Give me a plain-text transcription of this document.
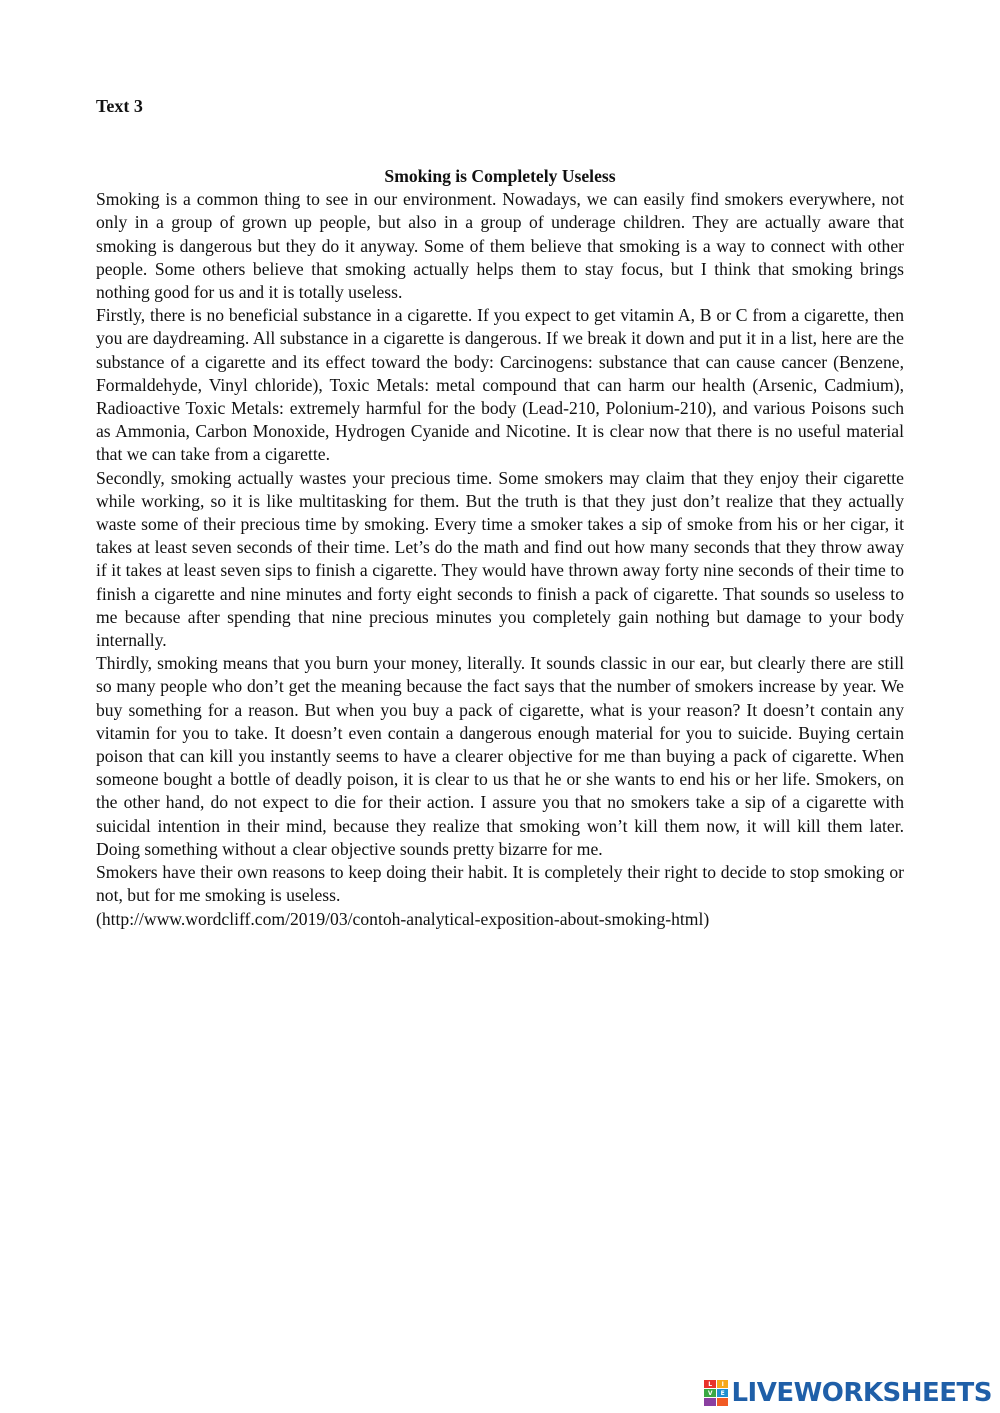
Text 3

Smoking is Completely Useless

Smoking is a common thing to see in our environment. Nowadays, we can easily find smokers everywhere, not only in a group of grown up people, but also in a group of underage children. They are actually aware that smoking is dangerous but they do it anyway. Some of them believe that smoking is a way to connect with other people. Some others believe that smoking actually helps them to stay focus, but I think that smoking brings nothing good for us and it is totally useless.

Firstly, there is no beneficial substance in a cigarette. If you expect to get vitamin A, B or C from a cigarette, then you are daydreaming. All substance in a cigarette is dangerous. If we break it down and put it in a list, here are the substance of a cigarette and its effect toward the body: Carcinogens: substance that can cause cancer (Benzene, Formaldehyde, Vinyl chloride), Toxic Metals: metal compound that can harm our health (Arsenic, Cadmium), Radioactive Toxic Metals: extremely harmful for the body (Lead-210, Polonium-210), and various Poisons such as Ammonia, Carbon Monoxide, Hydrogen Cyanide and Nicotine. It is clear now that there is no useful material that we can take from a cigarette.

Secondly, smoking actually wastes your precious time. Some smokers may claim that they enjoy their cigarette while working, so it is like multitasking for them. But the truth is that they just don’t realize that they actually waste some of their precious time by smoking. Every time a smoker takes a sip of smoke from his or her cigar, it takes at least seven seconds of their time. Let’s do the math and find out how many seconds that they throw away if it takes at least seven sips to finish a cigarette. They would have thrown away forty nine seconds of their time to finish a cigarette and nine minutes and forty eight seconds to finish a pack of cigarette. That sounds so useless to me because after spending that nine precious minutes you completely gain nothing but damage to your body internally.

Thirdly, smoking means that you burn your money, literally. It sounds classic in our ear, but clearly there are still so many people who don’t get the meaning because the fact says that the number of smokers increase by year. We buy something for a reason. But when you buy a pack of cigarette, what is your reason? It doesn’t contain any vitamin for you to take. It doesn’t even contain a dangerous enough material for you to suicide. Buying certain poison that can kill you instantly seems to have a clearer objective for me than buying a pack of cigarette. When someone bought a bottle of deadly poison, it is clear to us that he or she wants to end his or her life. Smokers, on the other hand, do not expect to die for their action. I assure you that no smokers take a sip of a cigarette with suicidal intention in their mind, because they realize that smoking won’t kill them now, it will kill them later. Doing something without a clear objective sounds pretty bizarre for me.

Smokers have their own reasons to keep doing their habit. It is completely their right to decide to stop smoking or not, but for me smoking is useless.

(http://www.wordcliff.com/2019/03/contoh-analytical-exposition-about-smoking-html)

L	I
V	E LIVEWORKSHEETS
